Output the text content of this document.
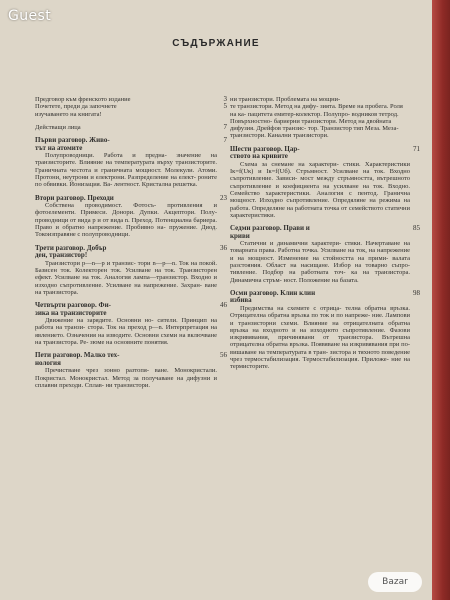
Guest
СЪДЪРЖАНИЕ
Предговор към френското издание
Почетете, преди да започнете
изучаването на книгата!
3
5
Действащи лица	7
Първи разговор. Живо-
тът на атомите
7
Полупроводници. Работа и предна- значение на транзисторите. Влияние на температурата върху транзисторите. Граничната честота и граничната мощност. Молекули. Атоми. Протони, неутрони и електрони. Разпределение на елект- роните по обвивки. Йонизация. Ва- лентност. Кристална решетка.
Втори разговор. Преходи	23
Собствена проводимост. Фотосъ- противления и фотоелементи. Примеси. Донори. Дупки. Акцептори. Полу- проводници от вида p и от вида n. Преход. Потенциална бариера. Право и обратно напрежение. Пробивно на- пружение. Диод. Токоизправяне с полупроводници.
Трети разговор. Добър
ден, транзистор!
36
Транзистори p—n—p и транзис- тори n—p—n. Ток на покой. Базисен ток. Колекторен ток. Усилване на ток. Транзисторен ефект. Усилване на ток. Аналогия лампа—транзистор. Входно и изходно съпротивление. Усилване на напрежение. Захран- ване на транзистора.
Четвърти разговор. Фи-
зика на транзисторите
46
Движение на зарядите. Основни но- сители. Принцип на работа на транзи- стора. Ток на преход p—n. Интерпретация на явлението. Означения на изводите. Основни схеми на включване на транзистора. Ре- зюме на основните понятия.
Пети разговор. Малко тех-
нология
56
Пречистване чрез зонно разтопя- ване. Монокристали. Покристал. Монокристал. Метод за получаване на дифузни и сплавни преходи. Сплав- ни транзистори.
ни транзистори. Проблемата на мощни-
те транзистори. Метод на дифу- зията. Време на пробега. Роля на ка- пацитета емитер-колектор. Полупро- водников тетрод. Повърхностно- бариерни транзистори. Метод на двойната дифузия. Дрейфов транзис- тор. Транзистор тип Меза. Меза- транзистори. Канални транзистори.
Шести разговор. Цар-
ството на кривите
71
Схема за снемане на характери- стики. Характеристики Iк=f(Uк) и Iк=f(Uб). Стръмност. Усилване на ток. Входно съпротивление. Зависи- мост между стръмността, вътрешното съпротивление и коефициента на усилване на ток. Входно. Семейство характеристики. Аналогия с пентод. Гранична мощност. Изходно съпротивление. Опредяляне на режима на работа. Определяне на работната точка от семейството статични характеристики.
Седми разговор. Прави и
криви
85
Статични и динамични характери- стики. Начертаване на товарната права. Работна точка. Усилване на ток, на напрежение и на мощност. Изменение на стойността на прими- валата разстояния. Област на насищане. Избор на товарно съпро- тивление. Подбор на работната точ- ка на транзистора. Динамична стръм- ност. Положение на базата.
Осми разговор. Клин клин
избива
98
Предимства на схемите с отрица- телна обратна връзка. Отрицателна обратна връзка по ток и по напреже- ние. Лампови и транзисторни схеми. Влияние на отрицателната обратна връзка на входното и на изходното съпротивление. Фазови изкривявания, причинявани от транзистора. Вътрешна отрицателна обратна връзка. Появяване на изкривявания при по- вишаване на температурата в тран- зистора и тяхното поведение чрез термостабилизация. Термостабилизация. Приложе- ние на термисторите.
Bazar
